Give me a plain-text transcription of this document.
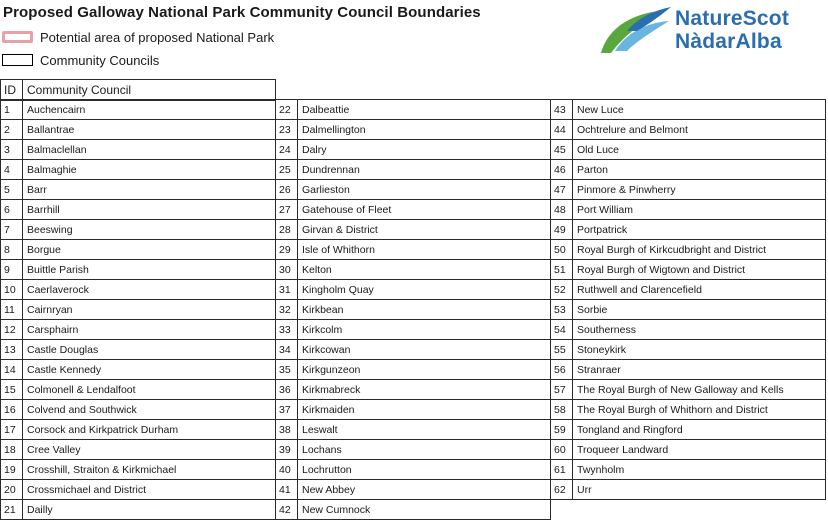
Proposed Galloway National Park Community Council Boundaries
Potential area of proposed National Park
Community Councils
NatureScot
NàdarAlba
ID	Community Council
1	Auchencairn
2	Ballantrae
3	Balmaclellan
4	Balmaghie
5	Barr
6	Barrhill
7	Beeswing
8	Borgue
9	Buittle Parish
10	Caerlaverock
11	Cairnryan
12	Carsphairn
13	Castle Douglas
14	Castle Kennedy
15	Colmonell & Lendalfoot
16	Colvend and Southwick
17	Corsock and Kirkpatrick Durham
18	Cree Valley
19	Crosshill, Straiton & Kirkmichael
20	Crossmichael and District
21	Dailly
22	Dalbeattie
23	Dalmellington
24	Dalry
25	Dundrennan
26	Garlieston
27	Gatehouse of Fleet
28	Girvan & District
29	Isle of Whithorn
30	Kelton
31	Kingholm Quay
32	Kirkbean
33	Kirkcolm
34	Kirkcowan
35	Kirkgunzeon
36	Kirkmabreck
37	Kirkmaiden
38	Leswalt
39	Lochans
40	Lochrutton
41	New Abbey
42	New Cumnock
43	New Luce
44	Ochtrelure and Belmont
45	Old Luce
46	Parton
47	Pinmore & Pinwherry
48	Port William
49	Portpatrick
50	Royal Burgh of Kirkcudbright and District
51	Royal Burgh of Wigtown and District
52	Ruthwell and Clarencefield
53	Sorbie
54	Southerness
55	Stoneykirk
56	Stranraer
57	The Royal Burgh of New Galloway and Kells
58	The Royal Burgh of Whithorn and District
59	Tongland and Ringford
60	Troqueer Landward
61	Twynholm
62	Urr
